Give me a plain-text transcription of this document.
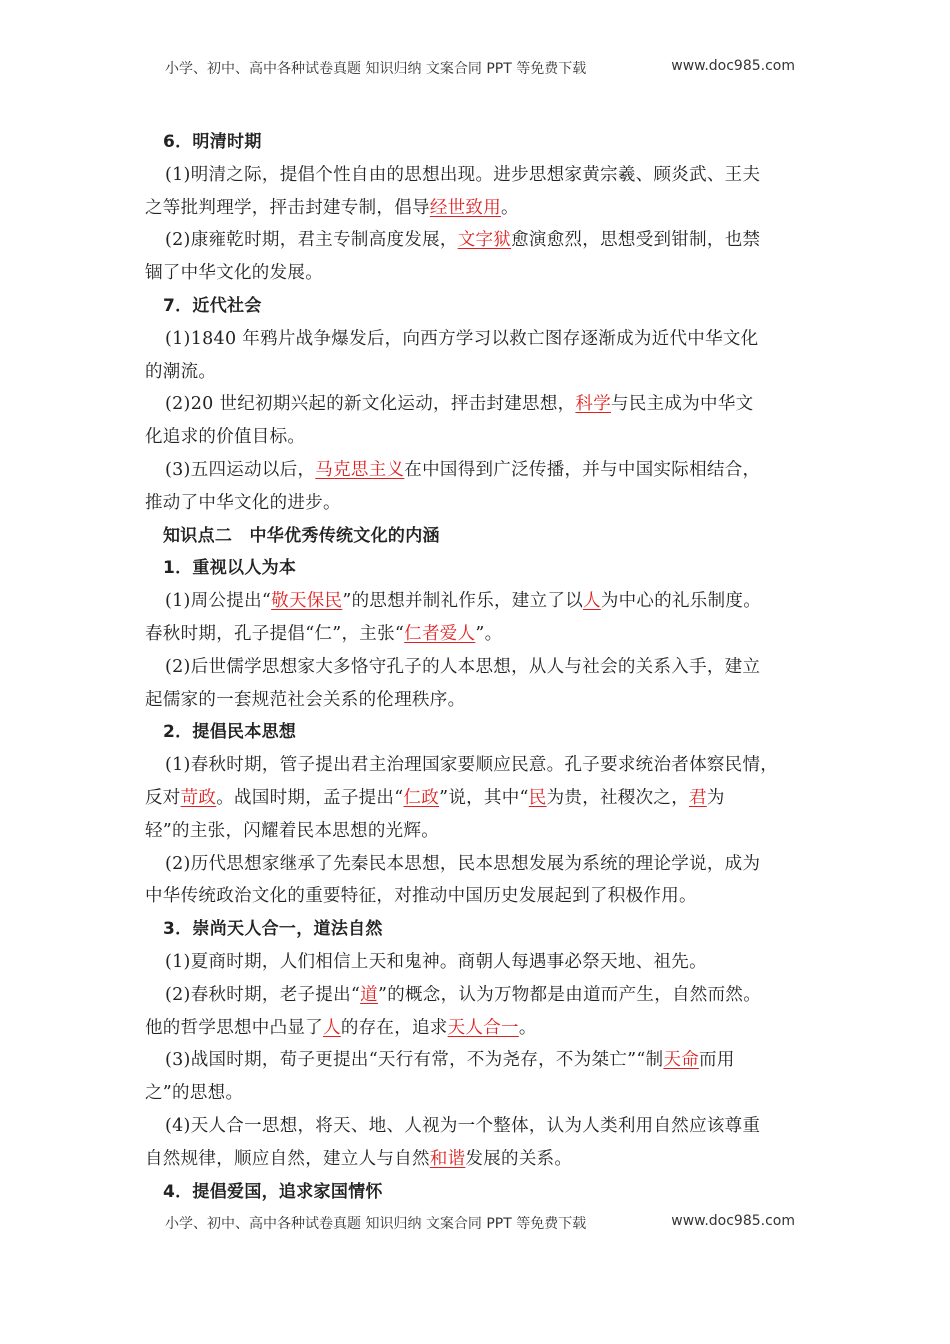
小学、初中、高中各种试卷真题 知识归纳 文案合同 PPT 等免费下载	www.doc985.com
6．明清时期
(1)明清之际，提倡个性自由的思想出现。进步思想家黄宗羲、顾炎武、王夫
之等批判理学，抨击封建专制，倡导经世致用。
(2)康雍乾时期，君主专制高度发展，文字狱愈演愈烈，思想受到钳制，也禁
锢了中华文化的发展。
7．近代社会
(1)1840 年鸦片战争爆发后，向西方学习以救亡图存逐渐成为近代中华文化
的潮流。
(2)20 世纪初期兴起的新文化运动，抨击封建思想，科学与民主成为中华文
化追求的价值目标。
(3)五四运动以后，马克思主义在中国得到广泛传播，并与中国实际相结合，
推动了中华文化的进步。
知识点二　中华优秀传统文化的内涵
1．重视以人为本
(1)周公提出“敬天保民”的思想并制礼作乐，建立了以人为中心的礼乐制度。
春秋时期，孔子提倡“仁”，主张“仁者爱人”。
(2)后世儒学思想家大多恪守孔子的人本思想，从人与社会的关系入手，建立
起儒家的一套规范社会关系的伦理秩序。
2．提倡民本思想
(1)春秋时期，管子提出君主治理国家要顺应民意。孔子要求统治者体察民情，
反对苛政。战国时期，孟子提出“仁政”说，其中“民为贵，社稷次之，君为
轻”的主张，闪耀着民本思想的光辉。
(2)历代思想家继承了先秦民本思想，民本思想发展为系统的理论学说，成为
中华传统政治文化的重要特征，对推动中国历史发展起到了积极作用。
3．崇尚天人合一，道法自然
(1)夏商时期，人们相信上天和鬼神。商朝人每遇事必祭天地、祖先。
(2)春秋时期，老子提出“道”的概念，认为万物都是由道而产生，自然而然。
他的哲学思想中凸显了人的存在，追求天人合一。
(3)战国时期，荀子更提出“天行有常，不为尧存，不为桀亡”“制天命而用
之”的思想。
(4)天人合一思想，将天、地、人视为一个整体，认为人类利用自然应该尊重
自然规律，顺应自然，建立人与自然和谐发展的关系。
4．提倡爱国，追求家国情怀
小学、初中、高中各种试卷真题 知识归纳 文案合同 PPT 等免费下载	www.doc985.com
